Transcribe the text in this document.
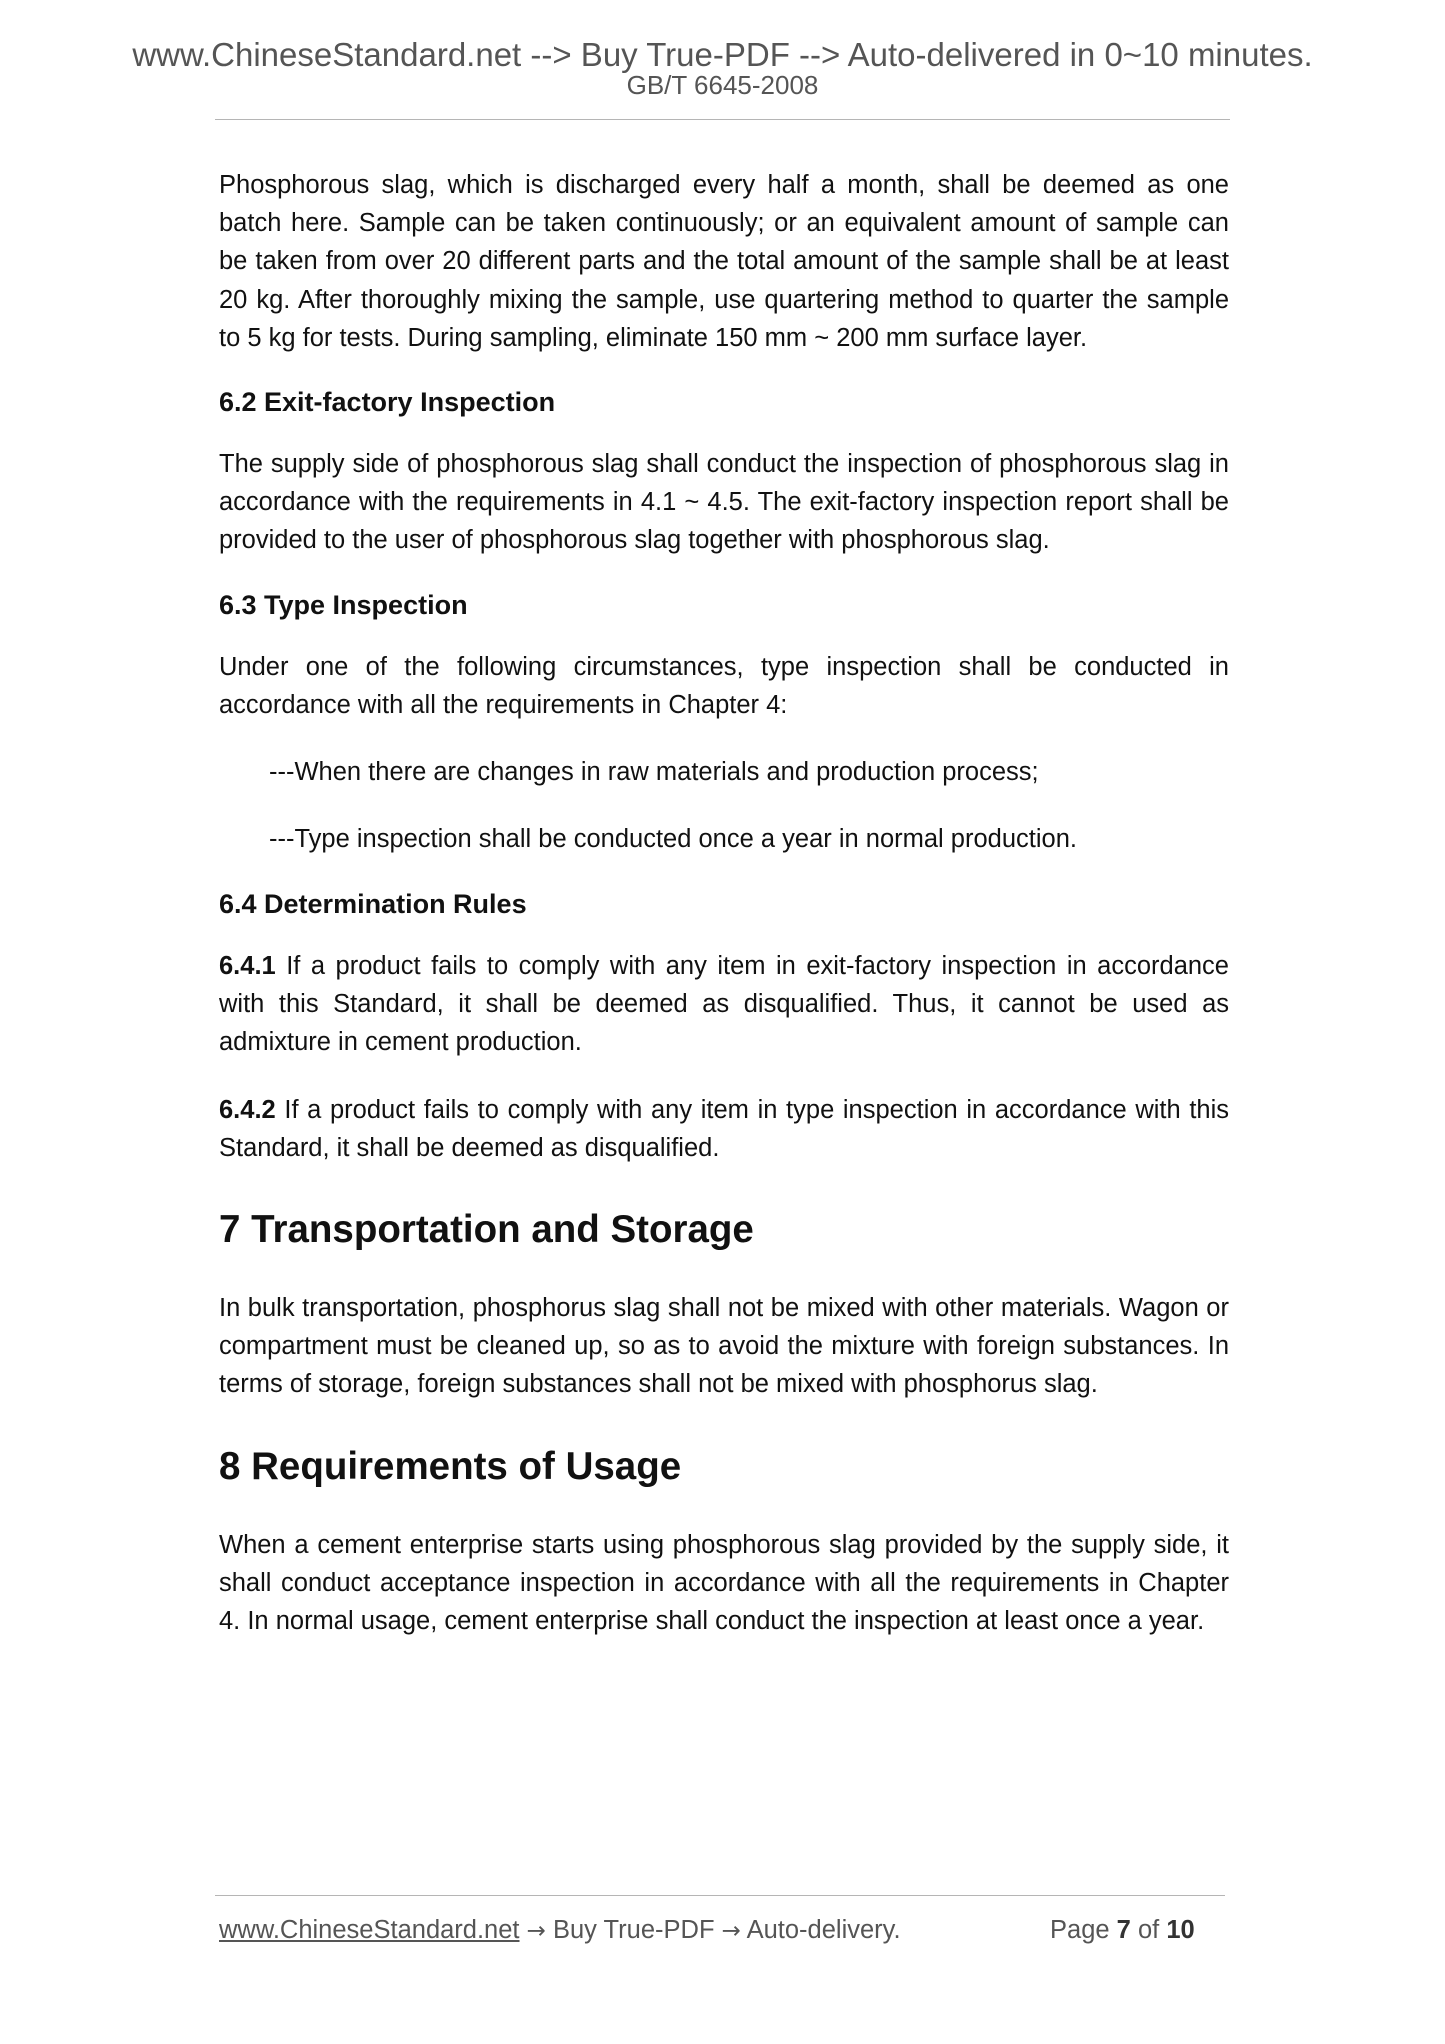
www.ChineseStandard.net --> Buy True-PDF --> Auto-delivered in 0~10 minutes.
GB/T 6645-2008

Phosphorous slag, which is discharged every half a month, shall be deemed as one batch here. Sample can be taken continuously; or an equivalent amount of sample can be taken from over 20 different parts and the total amount of the sample shall be at least 20 kg. After thoroughly mixing the sample, use quartering method to quarter the sample to 5 kg for tests. During sampling, eliminate 150 mm ~ 200 mm surface layer.

6.2 Exit-factory Inspection

The supply side of phosphorous slag shall conduct the inspection of phosphorous slag in accordance with the requirements in 4.1 ~ 4.5. The exit-factory inspection report shall be provided to the user of phosphorous slag together with phosphorous slag.

6.3 Type Inspection

Under one of the following circumstances, type inspection shall be conducted in accordance with all the requirements in Chapter 4:

---When there are changes in raw materials and production process;

---Type inspection shall be conducted once a year in normal production.

6.4 Determination Rules

6.4.1 If a product fails to comply with any item in exit-factory inspection in accordance with this Standard, it shall be deemed as disqualified. Thus, it cannot be used as admixture in cement production.

6.4.2 If a product fails to comply with any item in type inspection in accordance with this Standard, it shall be deemed as disqualified.

7 Transportation and Storage

In bulk transportation, phosphorus slag shall not be mixed with other materials. Wagon or compartment must be cleaned up, so as to avoid the mixture with foreign substances. In terms of storage, foreign substances shall not be mixed with phosphorus slag.

8 Requirements of Usage

When a cement enterprise starts using phosphorous slag provided by the supply side, it shall conduct acceptance inspection in accordance with all the requirements in Chapter 4. In normal usage, cement enterprise shall conduct the inspection at least once a year.

www.ChineseStandard.net → Buy True-PDF → Auto-delivery.	Page 7 of 10
